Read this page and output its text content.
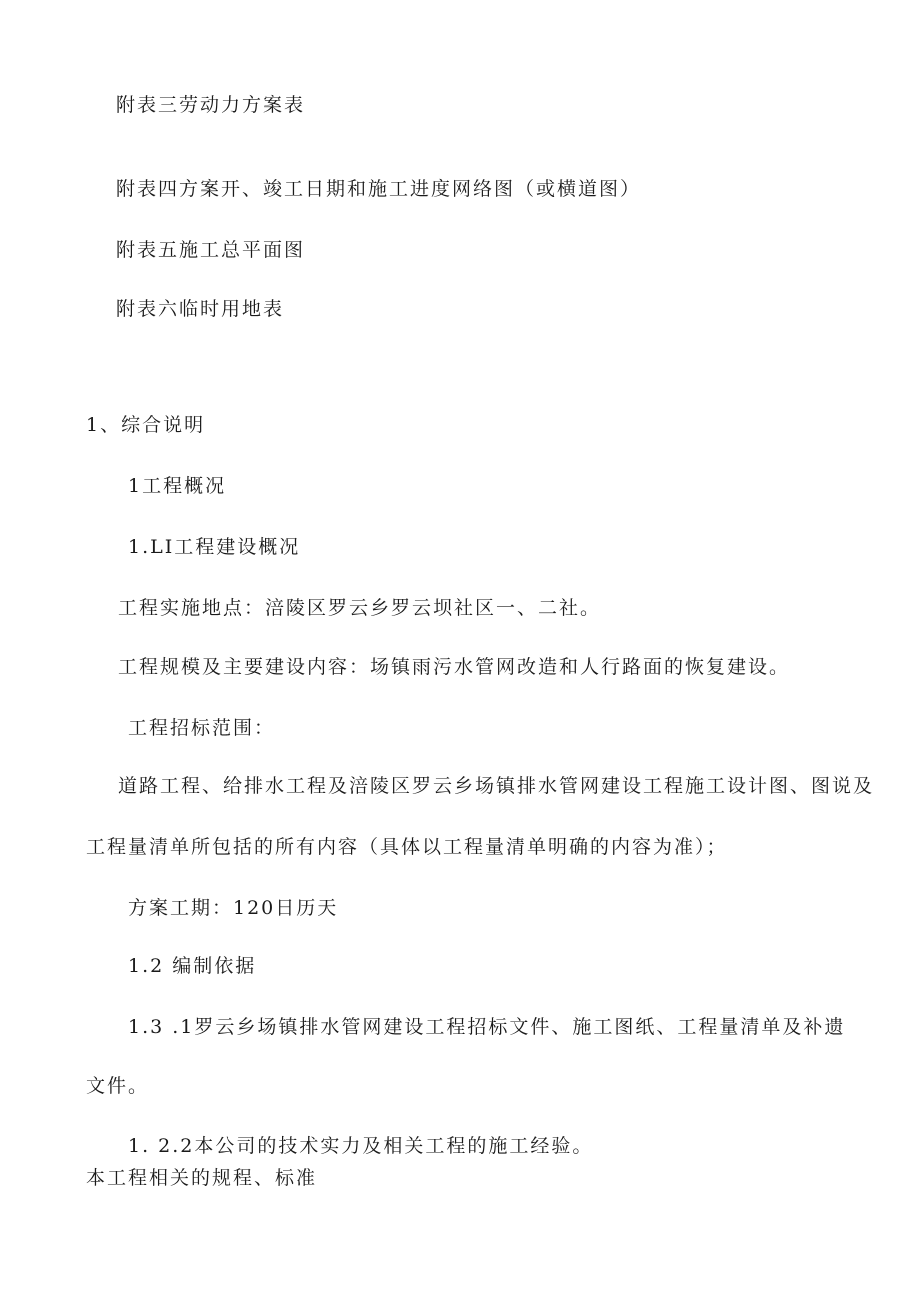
附表三劳动力方案表
附表四方案开、竣工日期和施工进度网络图（或横道图）
附表五施工总平面图
附表六临时用地表
1、综合说明
1工程概况
1.LI工程建设概况
工程实施地点：涪陵区罗云乡罗云坝社区一、二社。
工程规模及主要建设内容：场镇雨污水管网改造和人行路面的恢复建设。
工程招标范围：
道路工程、给排水工程及涪陵区罗云乡场镇排水管网建设工程施工设计图、图说及
工程量清单所包括的所有内容（具体以工程量清单明确的内容为准）；
方案工期：120日历天
1.2 编制依据
1.3 .1罗云乡场镇排水管网建设工程招标文件、施工图纸、工程量清单及补遗
文件。
1. 2.2本公司的技术实力及相关工程的施工经验。
本工程相关的规程、标准
